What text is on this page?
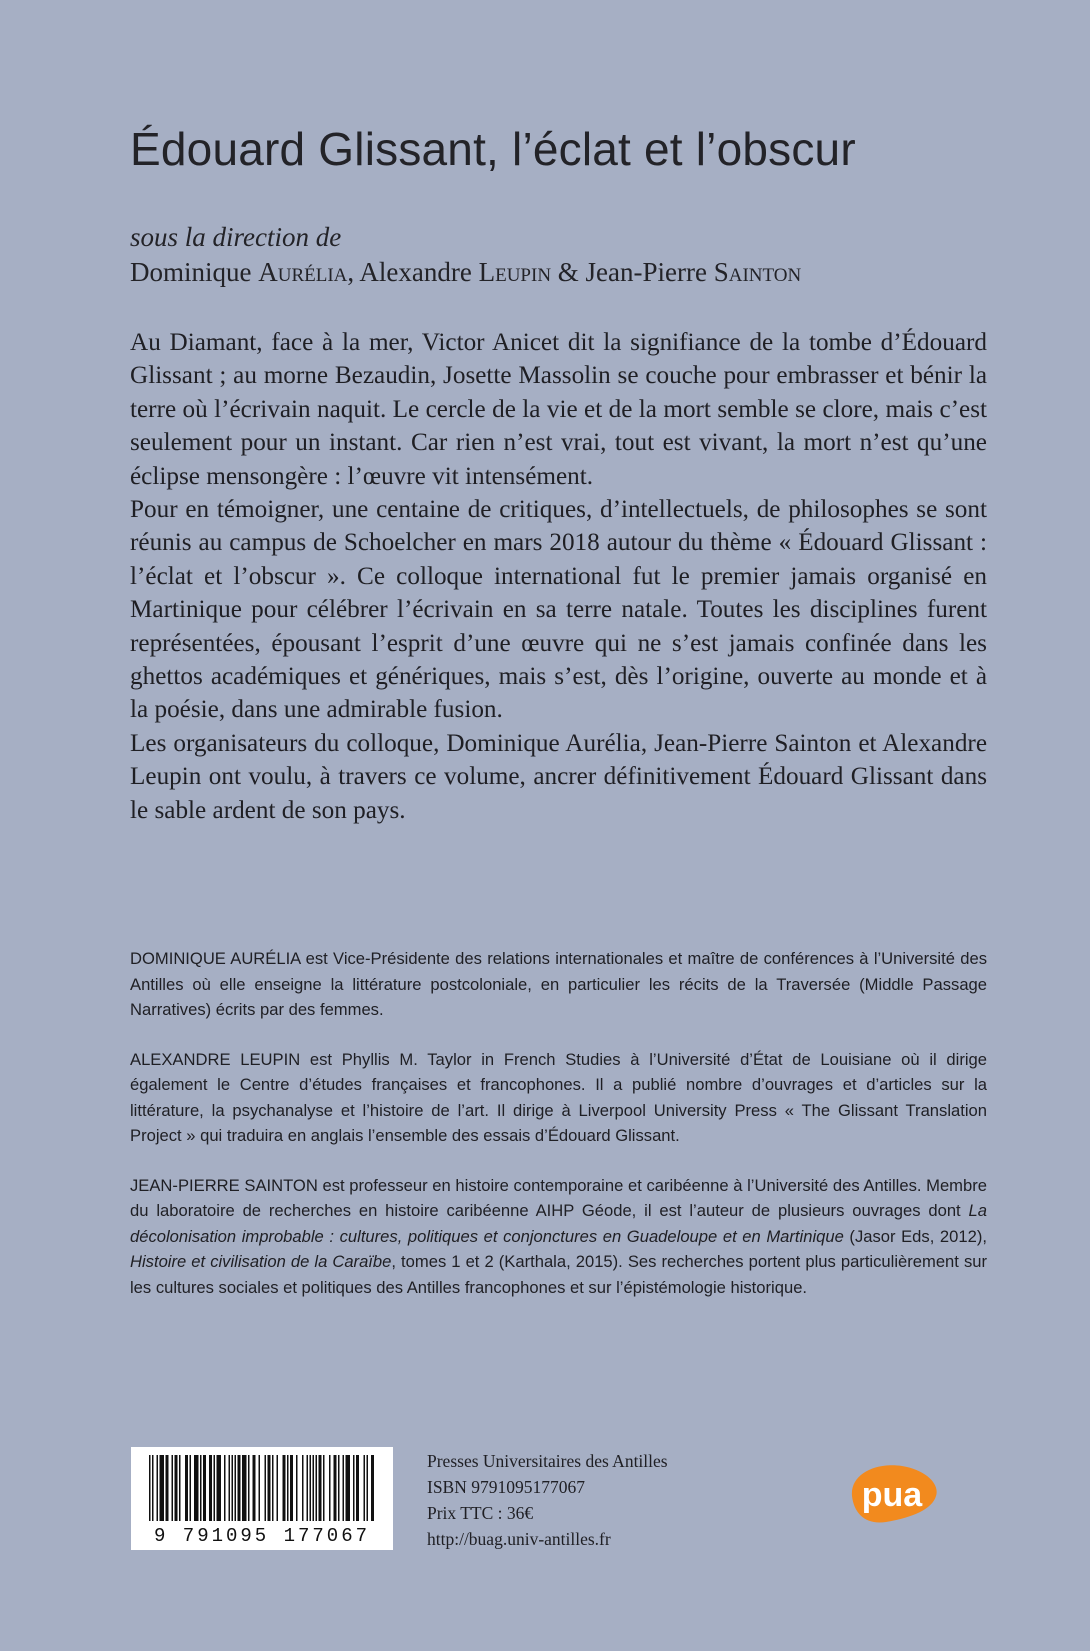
Édouard Glissant, l’éclat et l’obscur
sous la direction de
Dominique Aurélia, Alexandre Leupin & Jean-Pierre Sainton

Au Diamant, face à la mer, Victor Anicet dit la signifiance de la tombe d’Édouard Glissant ; au morne Bezaudin, Josette Massolin se couche pour embrasser et bénir la terre où l’écrivain naquit. Le cercle de la vie et de la mort semble se clore, mais c’est seulement pour un instant. Car rien n’est vrai, tout est vivant, la mort n’est qu’une éclipse mensongère : l’œuvre vit intensément.

Pour en témoigner, une centaine de critiques, d’intellectuels, de philosophes se sont réunis au campus de Schoelcher en mars 2018 autour du thème « Édouard Glissant : l’éclat et l’obscur ». Ce colloque international fut le premier jamais organisé en Martinique pour célébrer l’écrivain en sa terre natale. Toutes les disciplines furent représentées, épousant l’esprit d’une œuvre qui ne s’est jamais confinée dans les ghettos académiques et génériques, mais s’est, dès l’origine, ouverte au monde et à la poésie, dans une admirable fusion.

Les organisateurs du colloque, Dominique Aurélia, Jean-Pierre Sainton et Alexandre Leupin ont voulu, à travers ce volume, ancrer définitivement Édouard Glissant dans le sable ardent de son pays.

DOMINIQUE AURÉLIA est Vice-Présidente des relations internationales et maître de conférences à l’Université des Antilles où elle enseigne la littérature postcoloniale, en particulier les récits de la Traversée (Middle Passage Narratives) écrits par des femmes.

ALEXANDRE LEUPIN est Phyllis M. Taylor in French Studies à l’Université d’État de Louisiane où il dirige également le Centre d’études françaises et francophones. Il a publié nombre d’ouvrages et d’articles sur la littérature, la psychanalyse et l’histoire de l’art. Il dirige à Liverpool University Press « The Glissant Translation Project » qui traduira en anglais l’ensemble des essais d’Édouard Glissant.

JEAN-PIERRE SAINTON est professeur en histoire contemporaine et caribéenne à l’Université des Antilles. Membre du laboratoire de recherches en histoire caribéenne AIHP Géode, il est l’auteur de plusieurs ouvrages dont La décolonisation improbable : cultures, politiques et conjonctures en Guadeloupe et en Martinique (Jasor Eds, 2012), Histoire et civilisation de la Caraïbe, tomes 1 et 2 (Karthala, 2015). Ses recherches portent plus particulièrement sur les cultures sociales et politiques des Antilles francophones et sur l’épistémologie historique.

9 791095 177067
Presses Universitaires des Antilles
ISBN 9791095177067
Prix TTC : 36€
http://buag.univ-antilles.fr
pua
